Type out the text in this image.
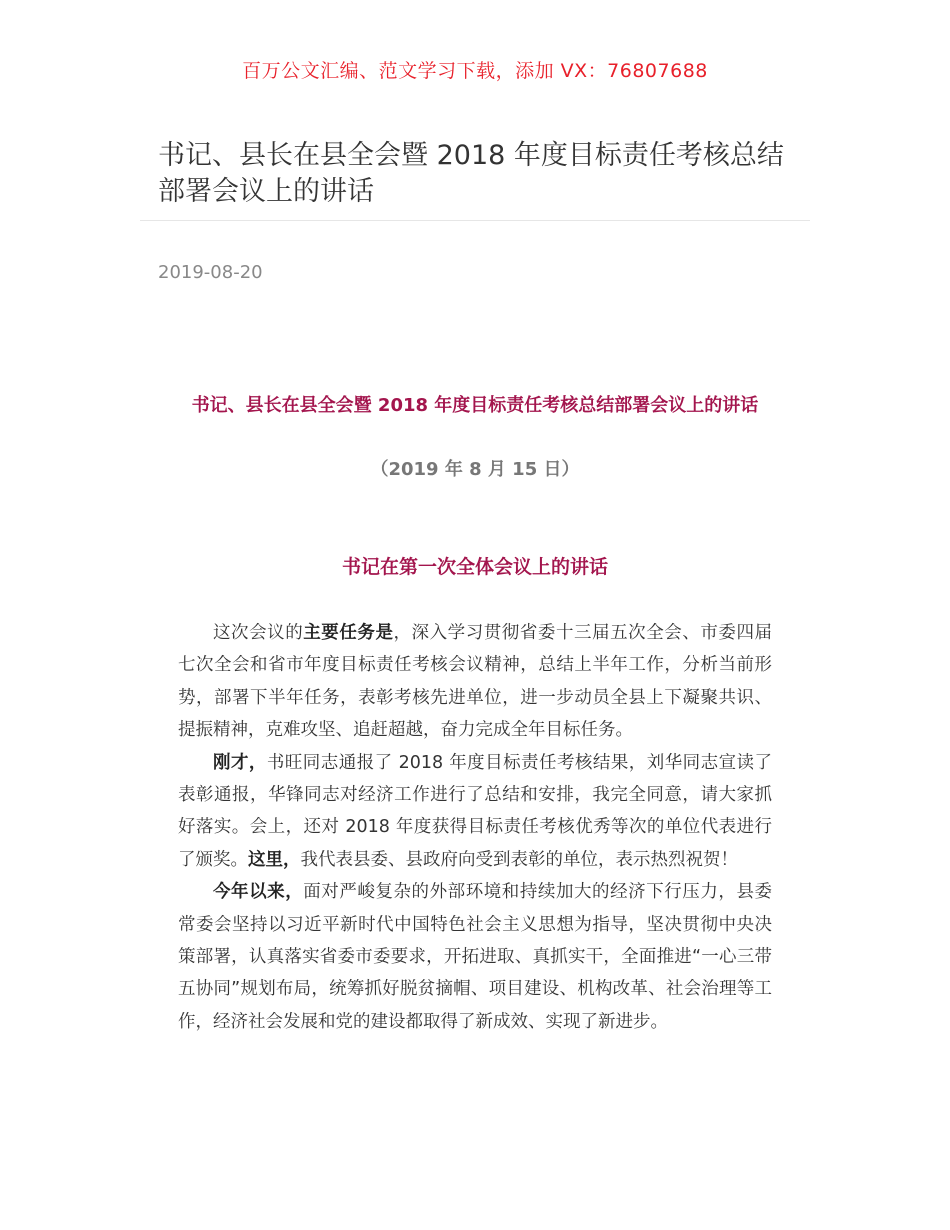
百万公文汇编、范文学习下载，添加 VX：76807688
书记、县长在县全会暨 2018 年度目标责任考核总结部署会议上的讲话
2019-08-20
书记、县长在县全会暨 2018 年度目标责任考核总结部署会议上的讲话
（2019 年 8 月 15 日）
书记在第一次全体会议上的讲话

这次会议的主要任务是，深入学习贯彻省委十三届五次全会、市委四届七次全会和省市年度目标责任考核会议精神，总结上半年工作，分析当前形势，部署下半年任务，表彰考核先进单位，进一步动员全县上下凝聚共识、提振精神，克难攻坚、追赶超越，奋力完成全年目标任务。

刚才，书旺同志通报了 2018 年度目标责任考核结果，刘华同志宣读了表彰通报，华锋同志对经济工作进行了总结和安排，我完全同意，请大家抓好落实。会上，还对 2018 年度获得目标责任考核优秀等次的单位代表进行了颁奖。这里，我代表县委、县政府向受到表彰的单位，表示热烈祝贺！

今年以来，面对严峻复杂的外部环境和持续加大的经济下行压力，县委常委会坚持以习近平新时代中国特色社会主义思想为指导，坚决贯彻中央决策部署，认真落实省委市委要求，开拓进取、真抓实干，全面推进“一心三带五协同”规划布局，统筹抓好脱贫摘帽、项目建设、机构改革、社会治理等工作，经济社会发展和党的建设都取得了新成效、实现了新进步。
